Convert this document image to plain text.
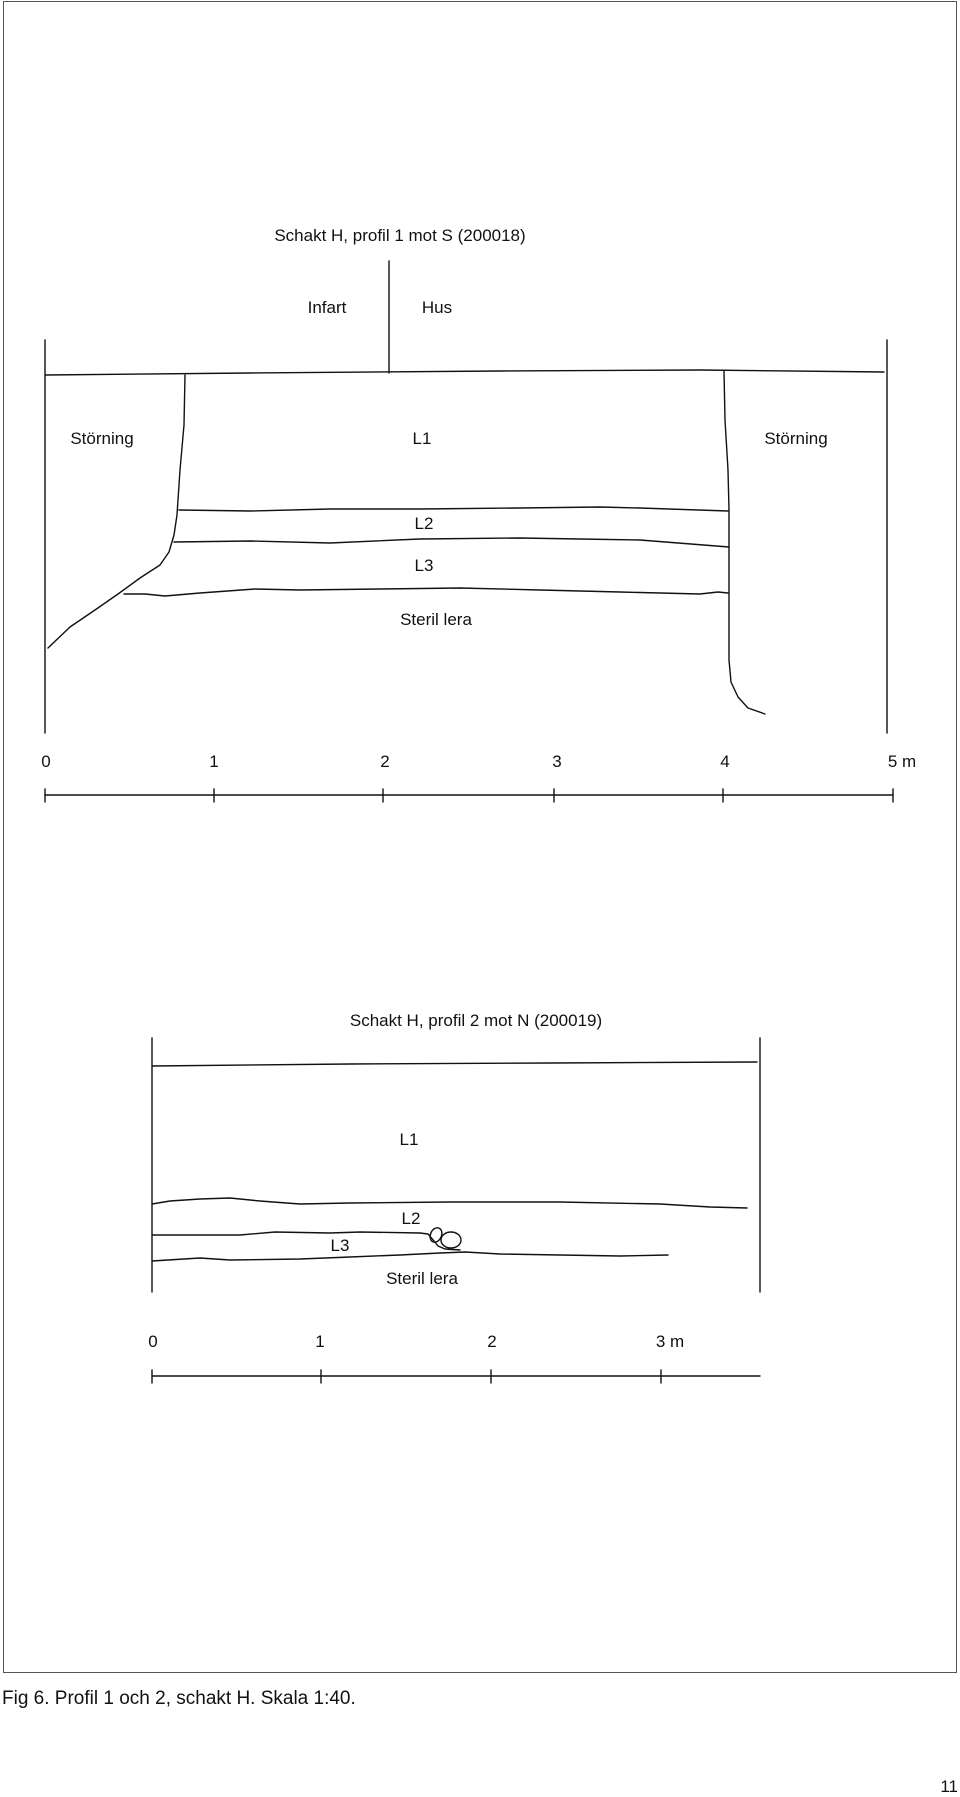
Schakt H, profil 1 mot S (200018)
Infart	Hus
Störning	Störning
L1
L2
L3
Steril lera
0	1	2	3	4	5 m
Schakt H, profil 2 mot N (200019)
L1
L2
L3
Steril lera
0	1	2	3 m
Fig 6. Profil 1 och 2, schakt H. Skala 1:40.
11
